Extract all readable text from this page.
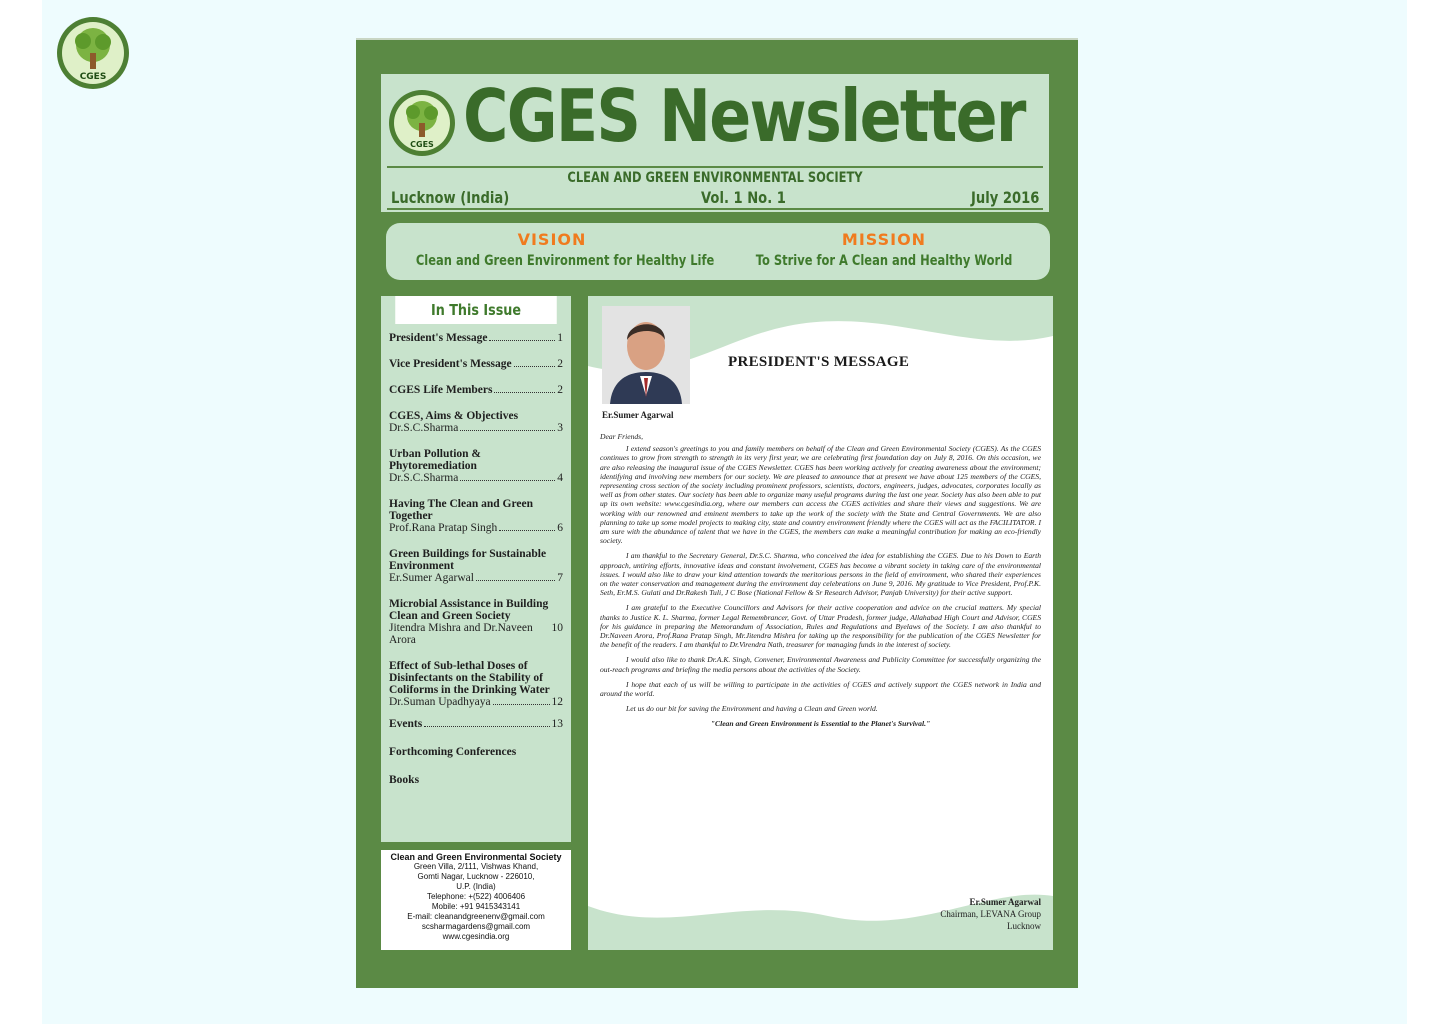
CGES
CGES CGES Newsletter
CLEAN AND GREEN ENVIRONMENTAL SOCIETY
Lucknow (India)	Vol. 1 No. 1	July 2016
VISION
Clean and Green Environment for Healthy Life
MISSION
To Strive for A Clean and Healthy World
In This Issue
President's Message	1
Vice President's Message	2
CGES Life Members	2
CGES, Aims & Objectives
Dr.S.C.Sharma	3
Urban Pollution & Phytoremediation
Dr.S.C.Sharma	4
Having The Clean and Green Together
Prof.Rana Pratap Singh	6
Green Buildings for Sustainable Environment
Er.Sumer Agarwal	7
Microbial Assistance in Building Clean and Green Society
Jitendra Mishra and Dr.Naveen Arora
10
Effect of Sub-lethal Doses of Disinfectants on the Stability of Coliforms in the Drinking Water
Dr.Suman Upadhyaya	12
Events	13
Forthcoming Conferences
Books
Clean and Green Environmental Society
Green Villa, 2/111, Vishwas Khand,
Gomti Nagar, Lucknow - 226010,
U.P. (India)
Telephone: +(522) 4006406
Mobile: +91 9415343141
E-mail: cleanandgreenenv@gmail.com
scsharmagardens@gmail.com
www.cgesindia.org
Er.Sumer Agarwal
PRESIDENT'S MESSAGE

Dear Friends,

I extend season's greetings to you and family members on behalf of the Clean and Green Environmental Society (CGES). As the CGES continues to grow from strength to strength in its very first year, we are celebrating first foundation day on July 8, 2016. On this occasion, we are also releasing the inaugural issue of the CGES Newsletter. CGES has been working actively for creating awareness about the environment; identifying and involving new members for our society. We are pleased to announce that at present we have about 125 members of the CGES, representing cross section of the society including prominent professors, scientists, doctors, engineers, judges, advocates, corporates locally as well as from other states. Our society has been able to organize many useful programs during the last one year. Society has also been able to put up its own website: www.cgesindia.org, where our members can access the CGES activities and share their views and suggestions. We are working with our renowned and eminent members to take up the work of the society with the State and Central Governments. We are also planning to take up some model projects to making city, state and country environment friendly where the CGES will act as the FACILITATOR. I am sure with the abundance of talent that we have in the CGES, the members can make a meaningful contribution for making an eco-friendly society.

I am thankful to the Secretary General, Dr.S.C. Sharma, who conceived the idea for establishing the CGES. Due to his Down to Earth approach, untiring efforts, innovative ideas and constant involvement, CGES has become a vibrant society in taking care of the environmental issues. I would also like to draw your kind attention towards the meritorious persons in the field of environment, who shared their experiences on the water conservation and management during the environment day celebrations on June 9, 2016. My gratitude to Vice President, Prof.P.K. Seth, Er.M.S. Gulati and Dr.Rakesh Tuli, J C Bose (National Fellow & Sr Research Advisor, Panjab University) for their active support.

I am grateful to the Executive Councillors and Advisors for their active cooperation and advice on the crucial matters. My special thanks to Justice K. L. Sharma, former Legal Remembrancer, Govt. of Uttar Pradesh, former judge, Allahabad High Court and Advisor, CGES for his guidance in preparing the Memorandum of Association, Rules and Regulations and Byelaws of the Society. I am also thankful to Dr.Naveen Arora, Prof.Rana Pratap Singh, Mr.Jitendra Mishra for taking up the responsibility for the publication of the CGES Newsletter for the benefit of the readers. I am thankful to Dr.Virendra Nath, treasurer for managing funds in the interest of society.

I would also like to thank Dr.A.K. Singh, Convener, Environmental Awareness and Publicity Committee for successfully organizing the out-reach programs and briefing the media persons about the activities of the Society.

I hope that each of us will be willing to participate in the activities of CGES and actively support the CGES network in India and around the world.

Let us do our bit for saving the Environment and having a Clean and Green world.

"Clean and Green Environment is Essential to the Planet's Survival."

Er.Sumer Agarwal
Chairman, LEVANA Group
Lucknow
